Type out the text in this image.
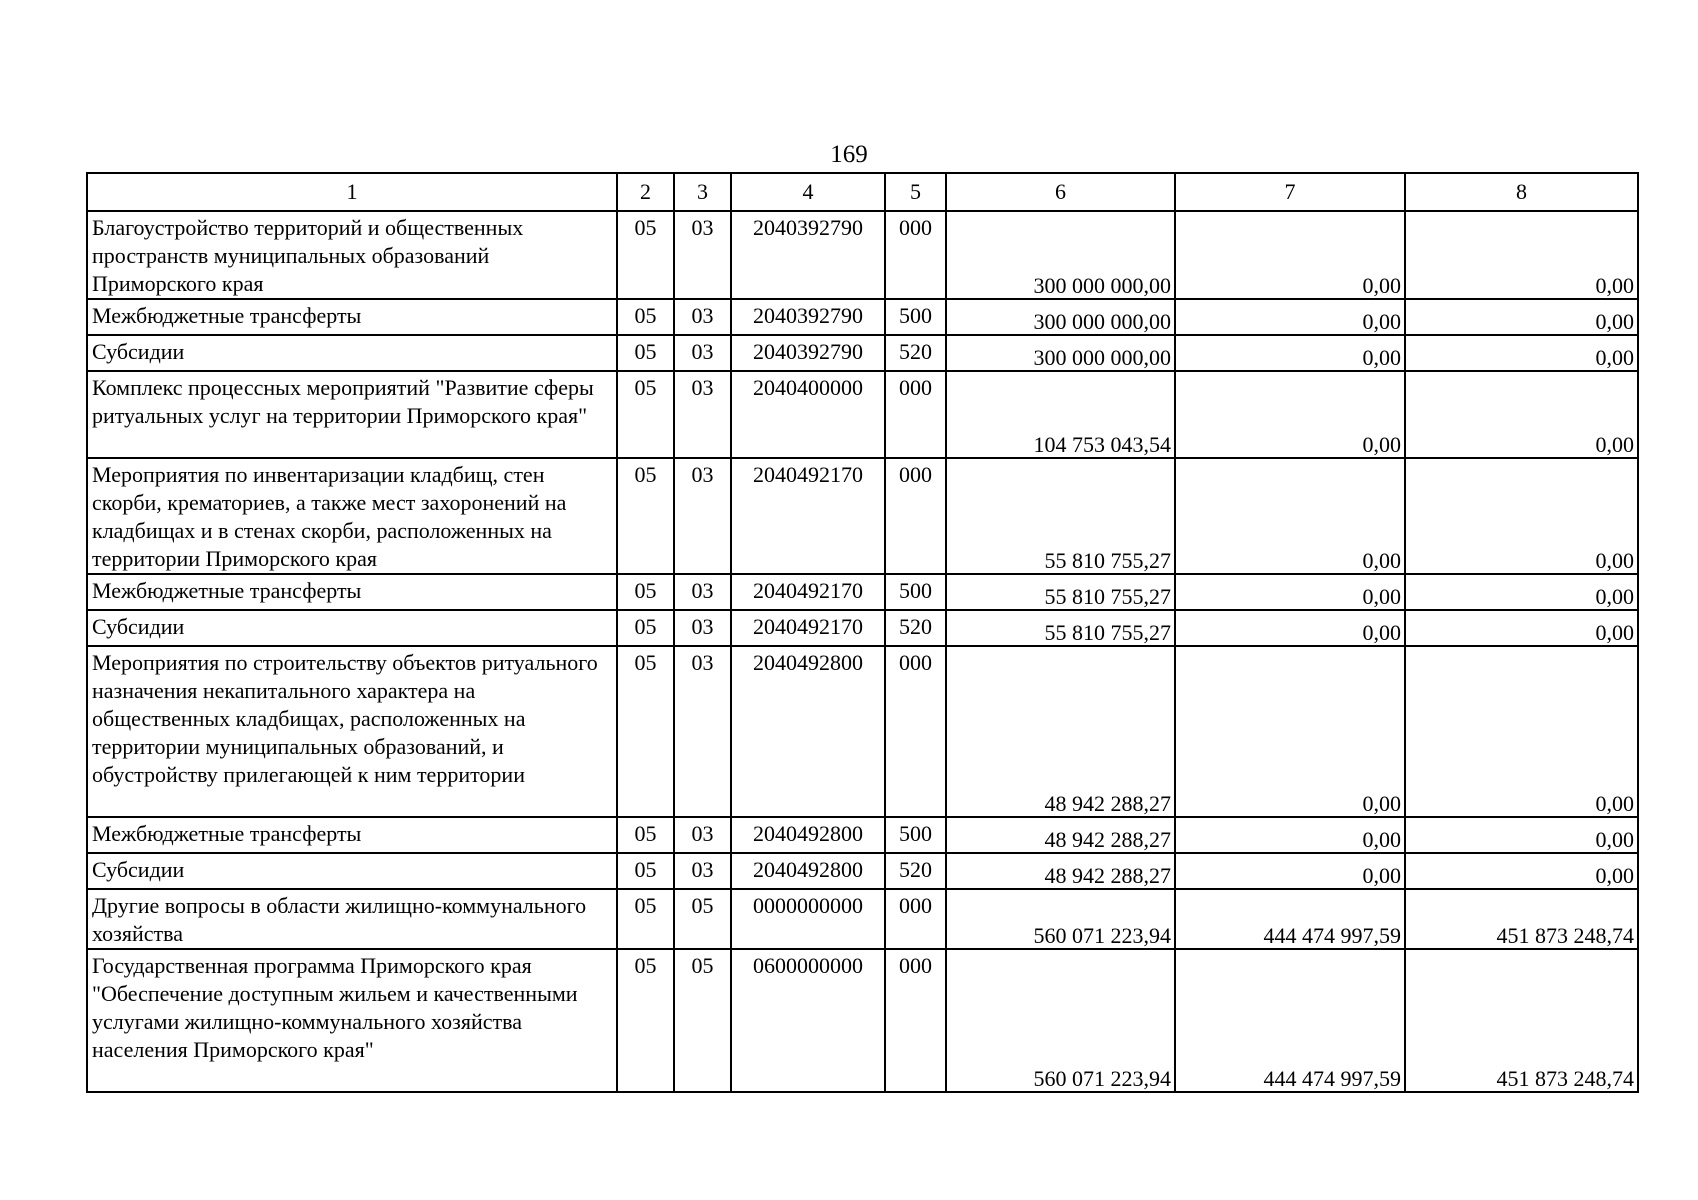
169
1	2	3	4	5	6	7	8
Благоустройство территорий и общественных пространств муниципальных образований Приморского края	05	03	2040392790	000	300 000 000,00	0,00	0,00
Межбюджетные трансферты	05	03	2040392790	500	300 000 000,00	0,00	0,00
Субсидии	05	03	2040392790	520	300 000 000,00	0,00	0,00
Комплекс процессных мероприятий "Развитие сферы ритуальных услуг на территории Приморского края"	05	03	2040400000	000	104 753 043,54	0,00	0,00
Мероприятия по инвентаризации кладбищ, стен скорби, крематориев, а также мест захоронений на кладбищах и в стенах скорби, расположенных на территории Приморского края	05	03	2040492170	000	55 810 755,27	0,00	0,00
Межбюджетные трансферты	05	03	2040492170	500	55 810 755,27	0,00	0,00
Субсидии	05	03	2040492170	520	55 810 755,27	0,00	0,00
Мероприятия по строительству объектов ритуального назначения некапитального характера на общественных кладбищах, расположенных на территории муниципальных образований, и обустройству прилегающей к ним территории	05	03	2040492800	000	48 942 288,27	0,00	0,00
Межбюджетные трансферты	05	03	2040492800	500	48 942 288,27	0,00	0,00
Субсидии	05	03	2040492800	520	48 942 288,27	0,00	0,00
Другие вопросы в области жилищно-коммунального хозяйства	05	05	0000000000	000	560 071 223,94	444 474 997,59	451 873 248,74
Государственная программа Приморского края "Обеспечение доступным жильем и качественными услугами жилищно-коммунального хозяйства населения Приморского края"	05	05	0600000000	000	560 071 223,94	444 474 997,59	451 873 248,74
